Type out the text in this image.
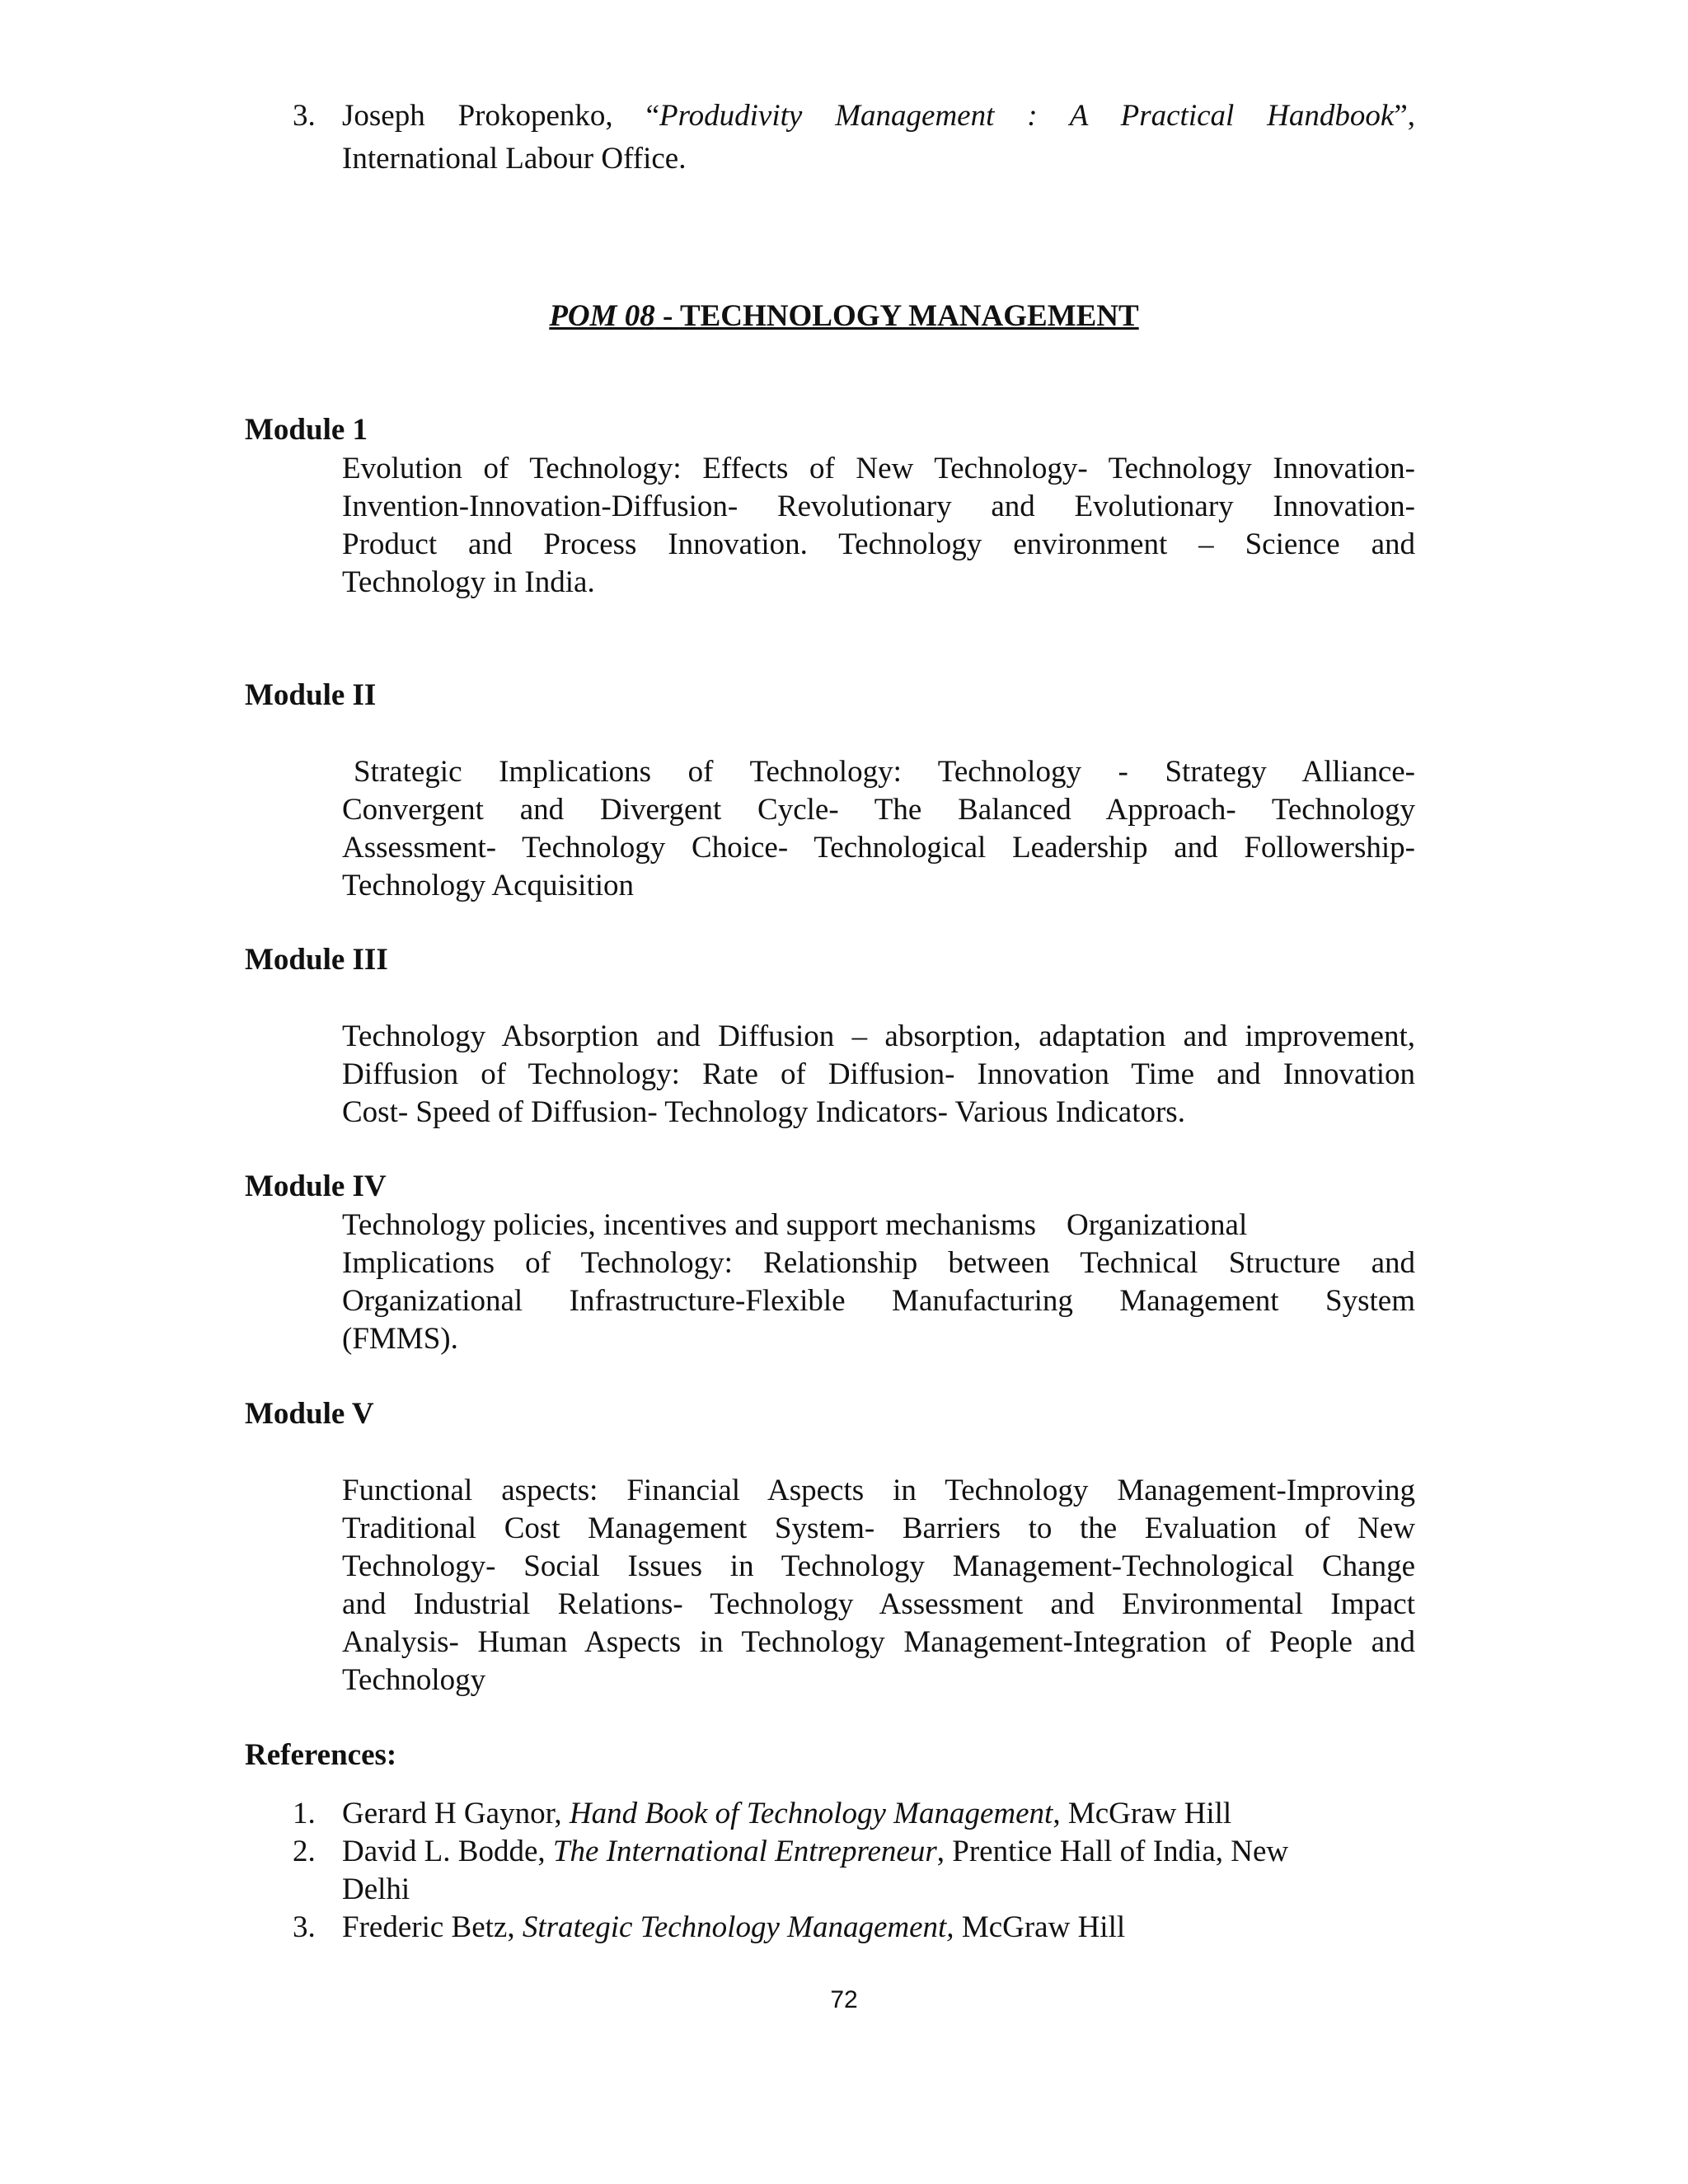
3. Joseph Prokopenko, “Produdivity Management : A Practical Handbook”,
International Labour Office.
POM 08 - TECHNOLOGY MANAGEMENT
Module 1
Evolution of Technology: Effects of New Technology- Technology Innovation-
Invention-Innovation-Diffusion- Revolutionary and Evolutionary Innovation-
Product and Process Innovation. Technology environment – Science and
Technology in India.
Module II
Strategic Implications of Technology: Technology - Strategy Alliance-
Convergent and Divergent Cycle- The Balanced Approach- Technology
Assessment- Technology Choice- Technological Leadership and Followership-
Technology Acquisition
Module III
Technology Absorption and Diffusion – absorption, adaptation and improvement,
Diffusion of Technology: Rate of Diffusion- Innovation Time and Innovation
Cost- Speed of Diffusion- Technology Indicators- Various Indicators.
Module IV
Technology policies, incentives and support mechanisms    Organizational
Implications of Technology: Relationship between Technical Structure and
Organizational Infrastructure-Flexible Manufacturing Management System
(FMMS).
Module V
Functional aspects: Financial Aspects in Technology Management-Improving
Traditional Cost Management System- Barriers to the Evaluation of New
Technology- Social Issues in Technology Management-Technological Change
and Industrial Relations- Technology Assessment and Environmental Impact
Analysis- Human Aspects in Technology Management-Integration of People and
Technology
References:
1. Gerard H Gaynor, Hand Book of Technology Management, McGraw Hill
2. David L. Bodde, The International Entrepreneur, Prentice Hall of India, New
Delhi
3. Frederic Betz, Strategic Technology Management, McGraw Hill
72
